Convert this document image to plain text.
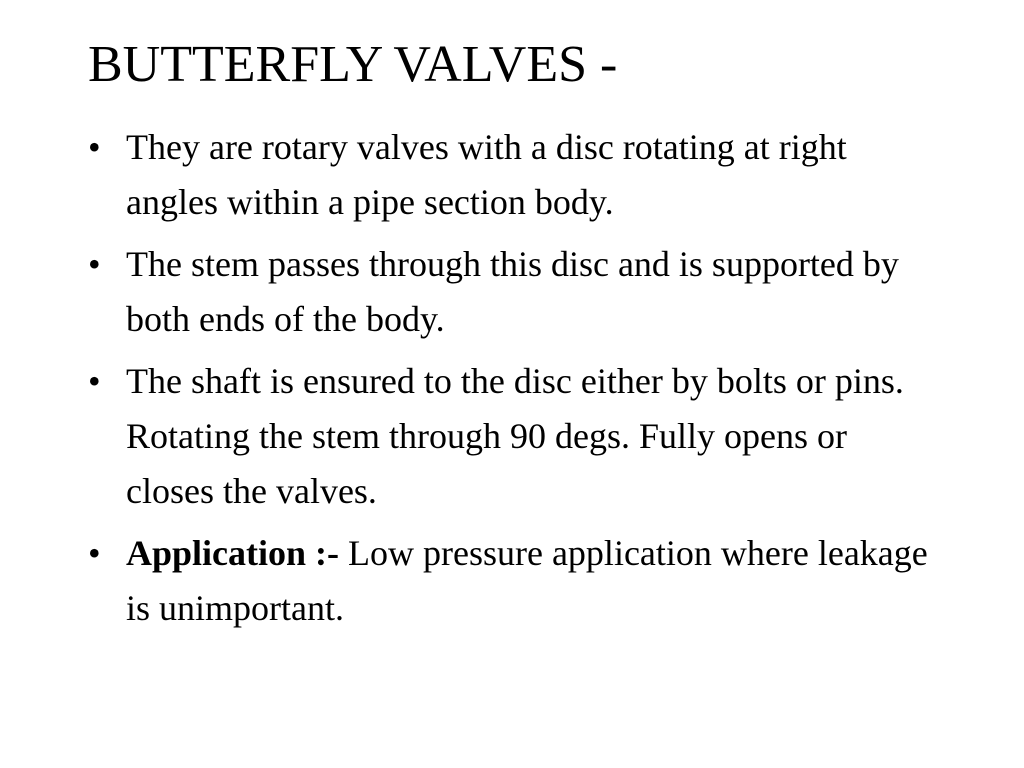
BUTTERFLY VALVES -
• They are rotary valves with a disc rotating at right angles within a pipe section body.
• The stem passes through this disc and is supported by both ends of the body.
• The shaft is ensured to the disc either by bolts or pins. Rotating the stem through 90 degs. Fully opens or closes the valves.
• Application :- Low pressure application where leakage is unimportant.
